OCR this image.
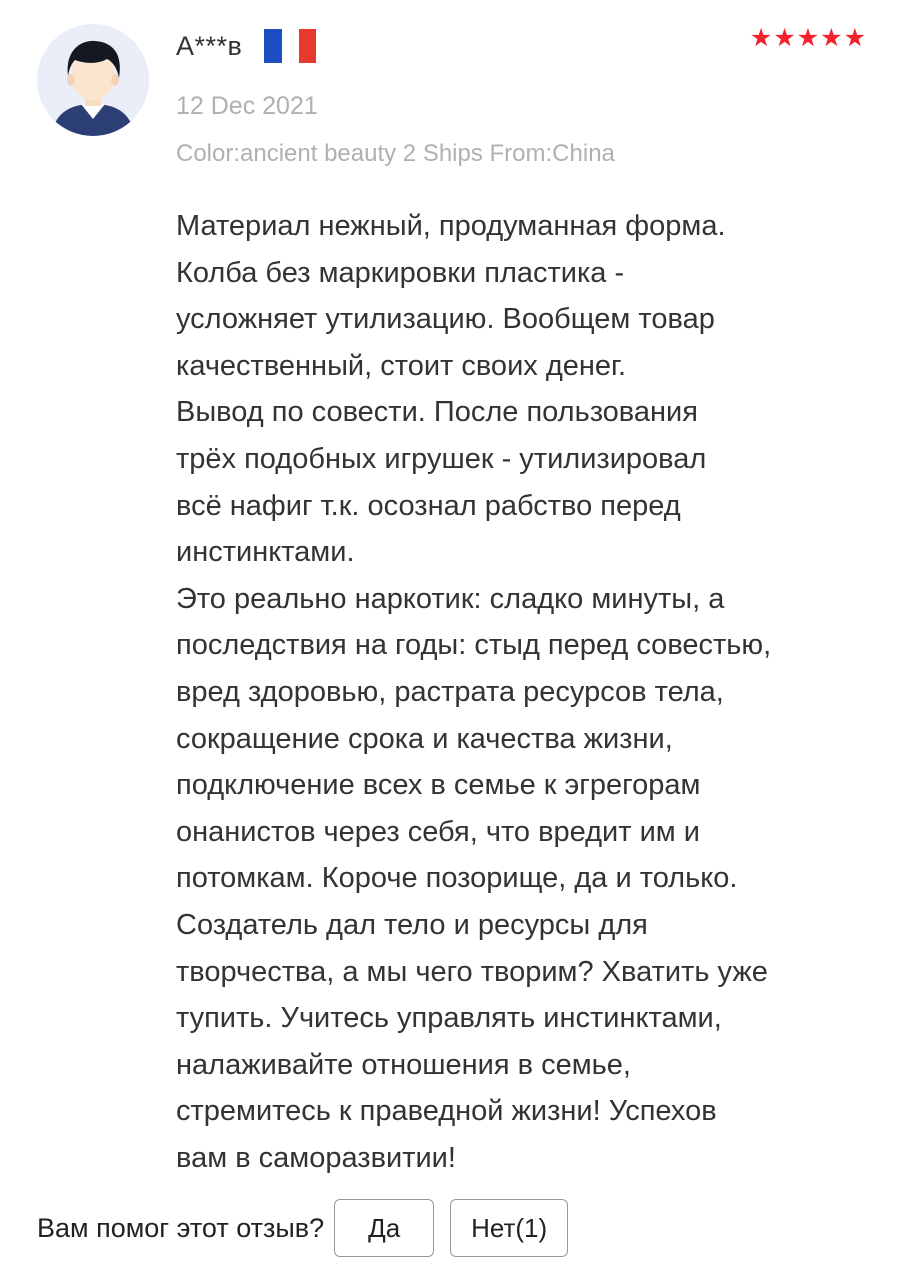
А***в	★ ★ ★ ★ ★
12 Dec 2021
Color:ancient beauty 2 Ships From:China
Материал нежный, продуманная форма.
Колба без маркировки пластика -
усложняет утилизацию. Вообщем товар
качественный, стоит своих денег.
Вывод по совести. После пользования
трёх подобных игрушек - утилизировал
всё нафиг т.к. осознал рабство перед
инстинктами.
Это реально наркотик: сладко минуты, а
последствия на годы: стыд перед совестью,
вред здоровью, растрата ресурсов тела,
сокращение срока и качества жизни,
подключение всех в семье к эгрегорам
онанистов через себя, что вредит им и
потомкам. Короче позорище, да и только.
Создатель дал тело и ресурсы для
творчества, а мы чего творим? Хватить уже
тупить. Учитесь управлять инстинктами,
налаживайте отношения в семье,
стремитесь к праведной жизни! Успехов
вам в саморазвитии!
Вам помог этот отзыв?	Да	Нет(1)
